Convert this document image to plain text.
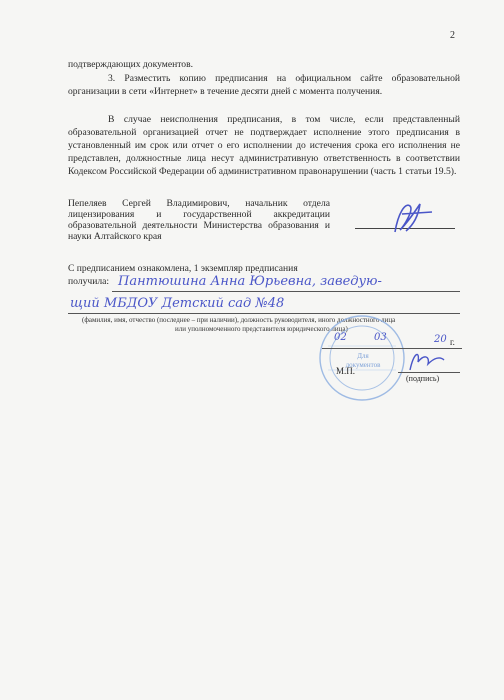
2

подтверждающих документов.

3. Разместить копию предписания на официальном сайте образовательной организации в сети «Интернет» в течение десяти дней с момента получения.

В случае неисполнения предписания, в том числе, если представленный образовательной организацией отчет не подтверждает исполнение этого предписания в установленный им срок или отчет о его исполнении до истечения срока его исполнения не представлен, должностные лица несут административную ответственность в соответствии Кодексом Российской Федерации об административном правонарушении (часть 1 статьи 19.5).

Пепеляев Сергей Владимирович, начальник отдела лицензирования и государственной аккредитации образовательной деятельности Министерства образования и науки Алтайского края

С предписанием ознакомлена, 1 экземпляр предписания

получила: Пантюшина Анна Юрьевна, заведую-
щий МБДОУ Детский сад №48
(фамилия, имя, отчество (последнее – при наличии), должность руководителя, иного должностного лица
или уполномоченного представителя юридического лица)
Для документов
02	03	20 г.
М.П.
(подпись)
